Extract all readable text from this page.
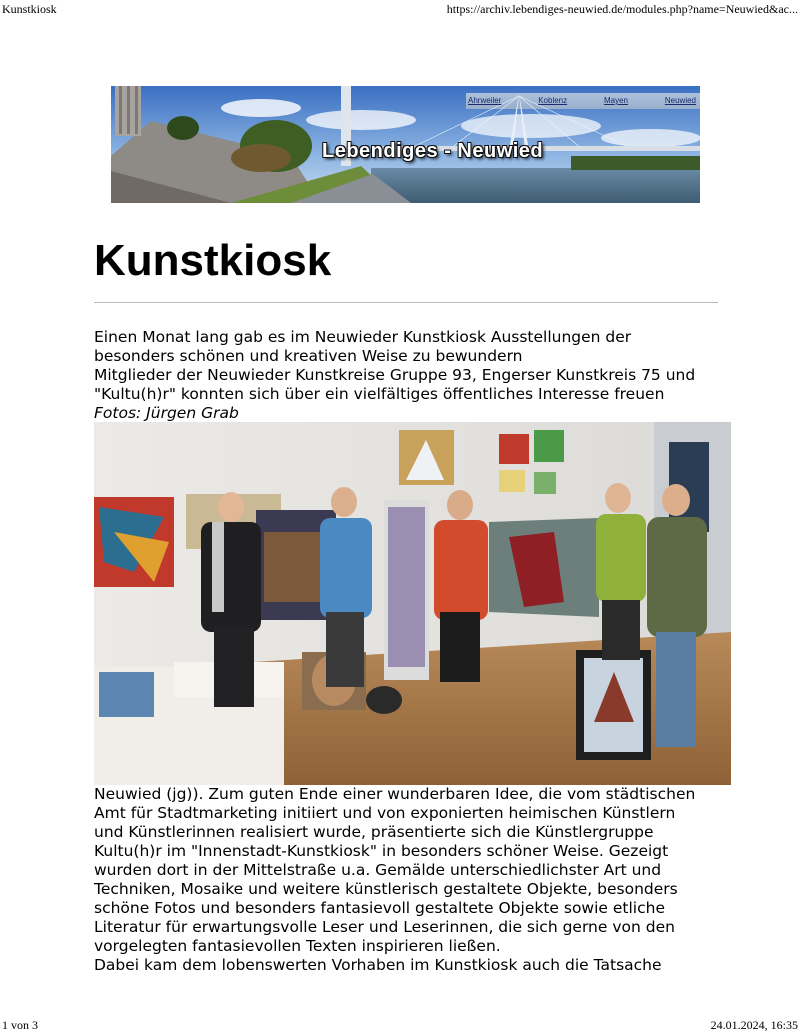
Kunstkiosk	https://archiv.lebendiges-neuwied.de/modules.php?name=Neuwied&ac...
Ahrweiler	Koblenz	Mayen	Neuwied
Lebendiges - Neuwied
Kunstkiosk
Einen Monat lang gab es im Neuwieder Kunstkiosk Ausstellungen der
besonders schönen und kreativen Weise zu bewundern
Mitglieder der Neuwieder Kunstkreise Gruppe 93, Engerser Kunstkreis 75 und
"Kultu(h)r" konnten sich über ein vielfältiges öffentliches Interesse freuen
Fotos: Jürgen Grab
Neuwied (jg)). Zum guten Ende einer wunderbaren Idee, die vom städtischen
Amt für Stadtmarketing initiiert und von exponierten heimischen Künstlern
und Künstlerinnen realisiert wurde, präsentierte sich die Künstlergruppe
Kultu(h)r im "Innenstadt-Kunstkiosk" in besonders schöner Weise. Gezeigt
wurden dort in der Mittelstraße u.a. Gemälde unterschiedlichster Art und
Techniken, Mosaike und weitere künstlerisch gestaltete Objekte, besonders
schöne Fotos und besonders fantasievoll gestaltete Objekte sowie etliche
Literatur für erwartungsvolle Leser und Leserinnen, die sich gerne von den
vorgelegten fantasievollen Texten inspirieren ließen.
Dabei kam dem lobenswerten Vorhaben im Kunstkiosk auch die Tatsache
1 von 3	24.01.2024, 16:35
